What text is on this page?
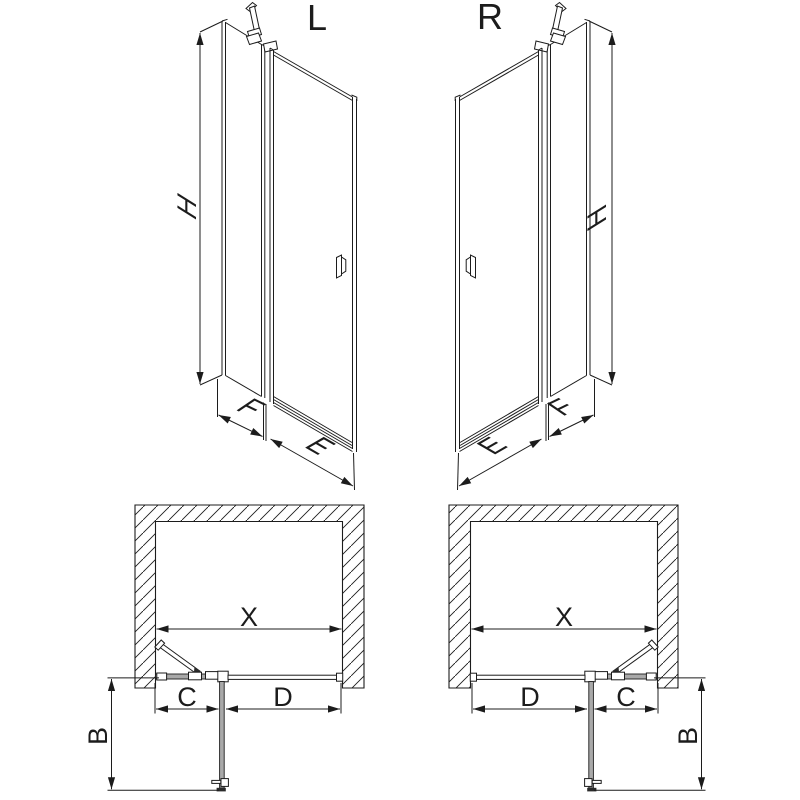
L
H
F
E
R
H
F
E
X
C	D
B
X
D	C
B
